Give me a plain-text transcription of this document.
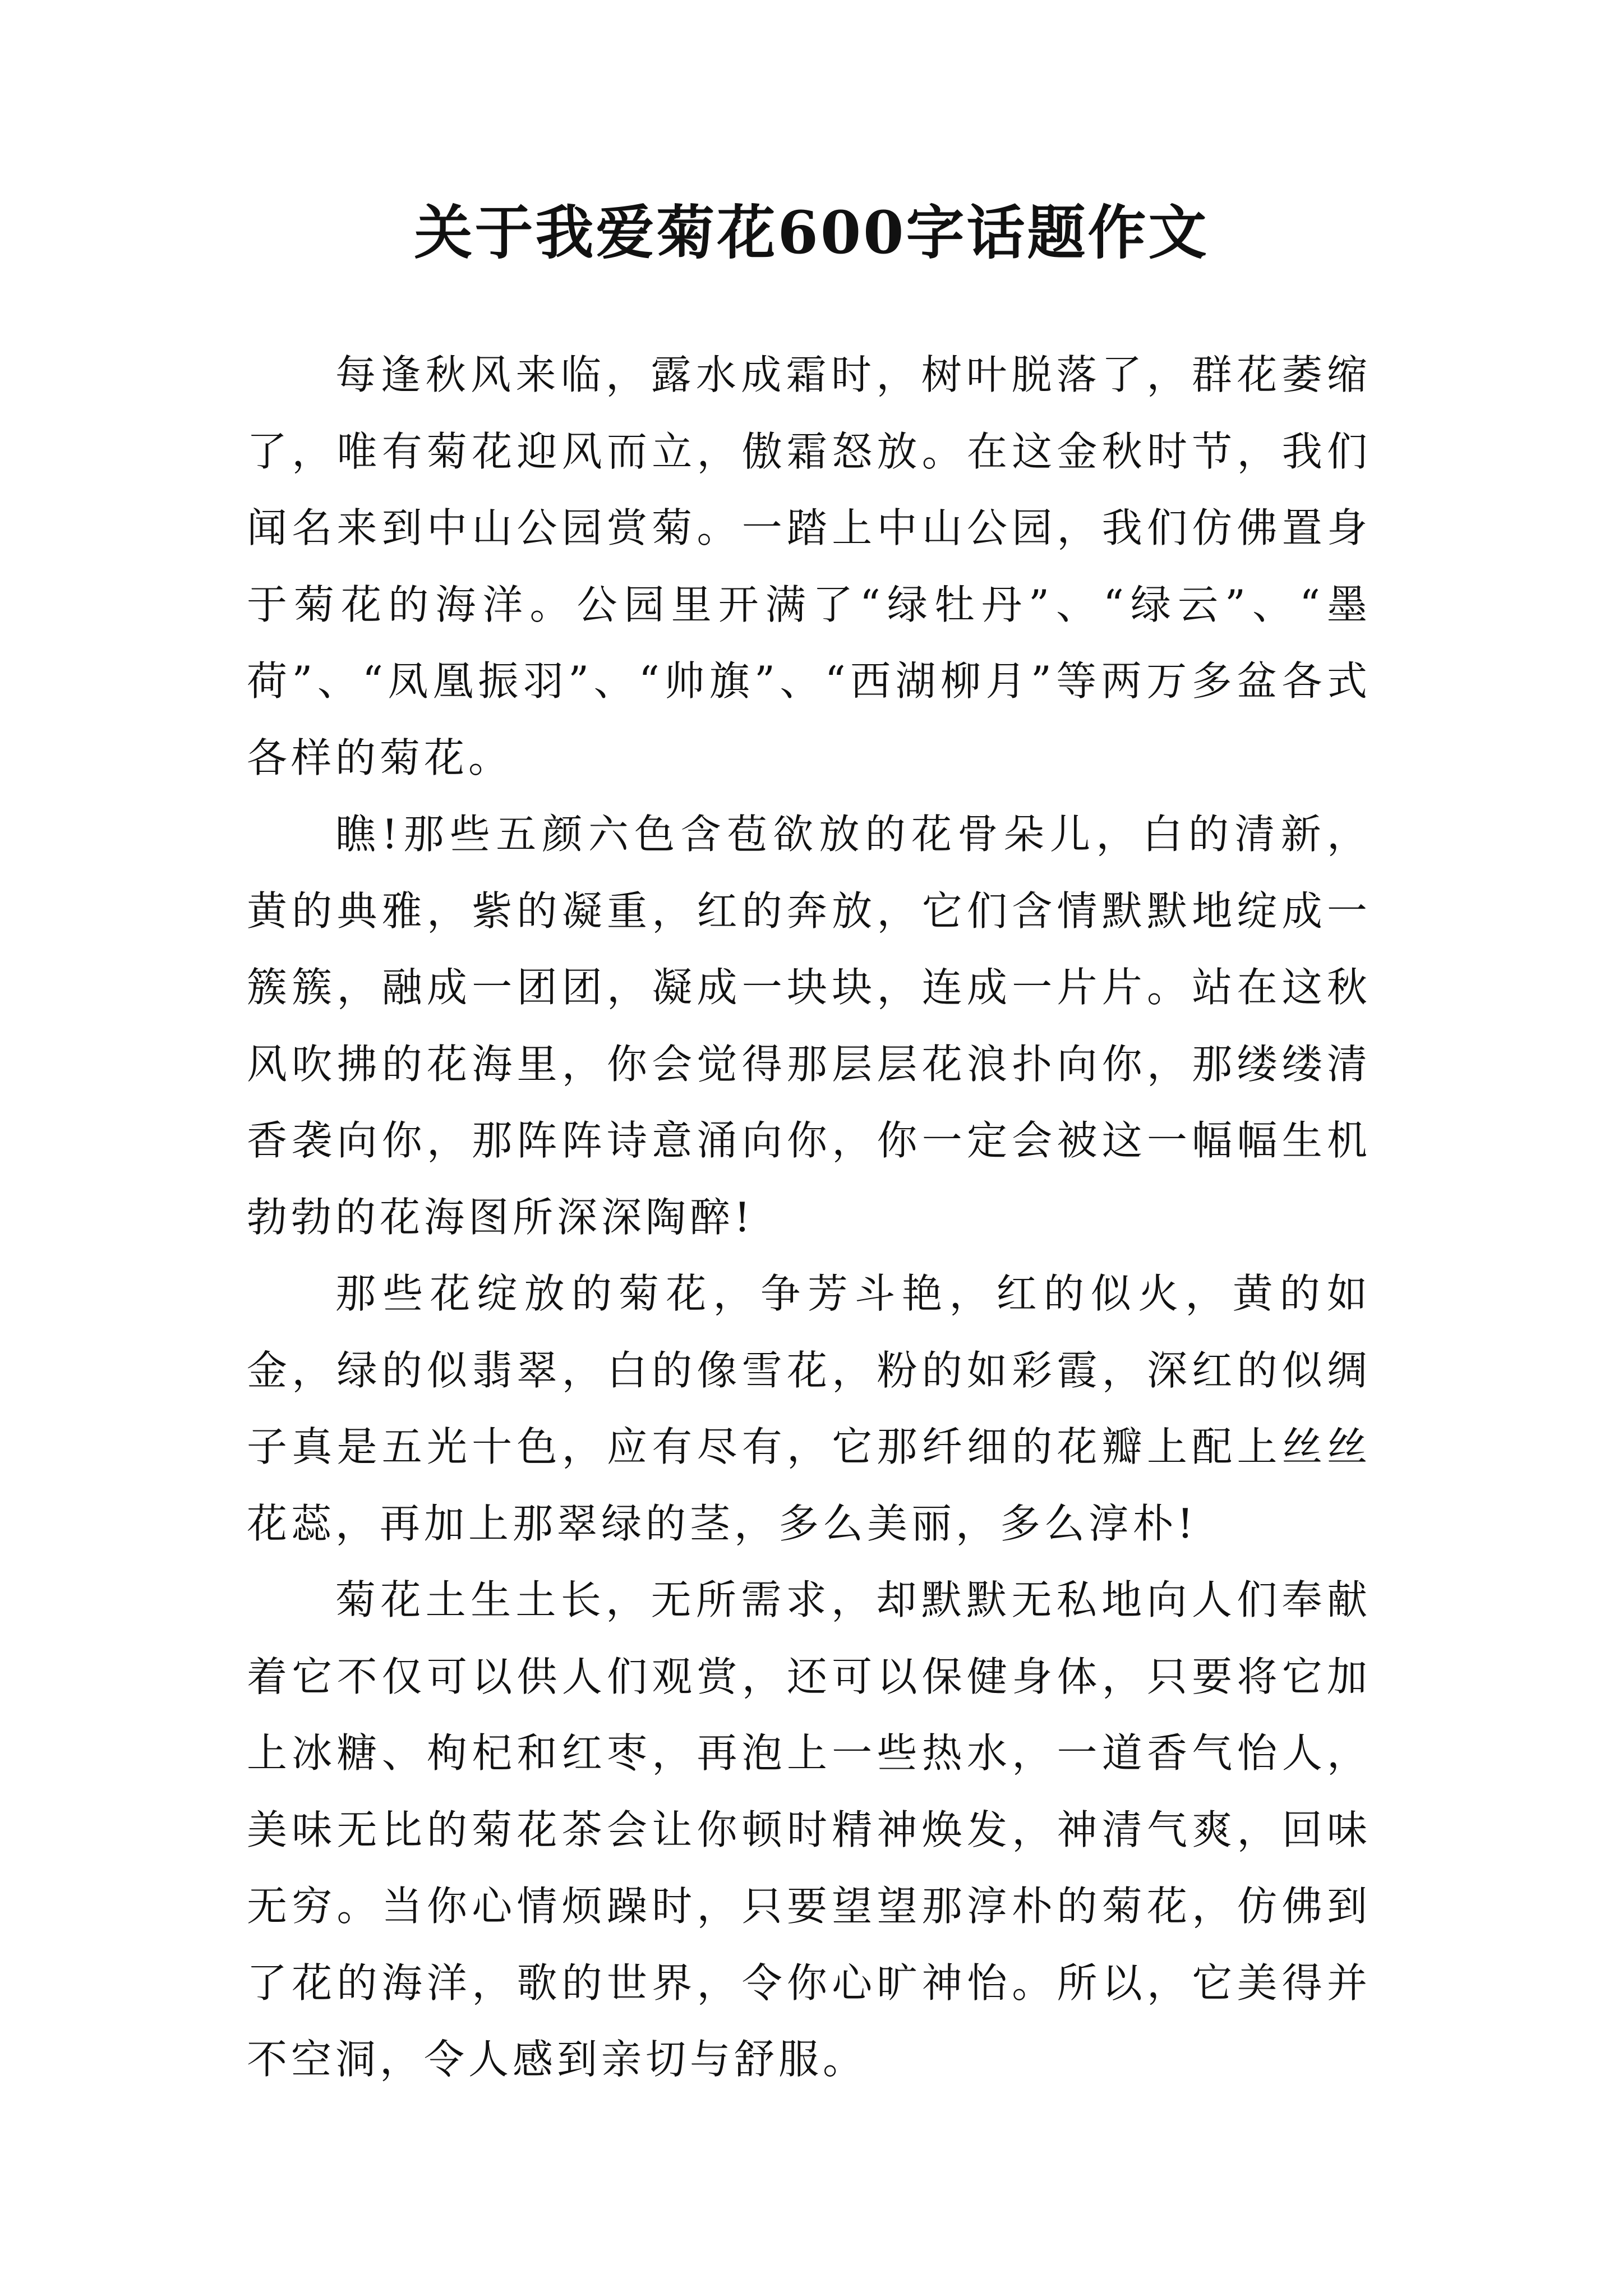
关于我爱菊花600字话题作文

每逢秋风来临，露水成霜时，树叶脱落了，群花萎缩了，唯有菊花迎风而立，傲霜怒放。在这金秋时节，我们闻名来到中山公园赏菊。一踏上中山公园，我们仿佛置身于菊花的海洋。公园里开满了“绿牡丹”、“绿云”、“墨荷”、“凤凰振羽”、“帅旗”、“西湖柳月”等两万多盆各式各样的菊花。

瞧!那些五颜六色含苞欲放的花骨朵儿，白的清新，黄的典雅，紫的凝重，红的奔放，它们含情默默地绽成一簇簇，融成一团团，凝成一块块，连成一片片。站在这秋风吹拂的花海里，你会觉得那层层花浪扑向你，那缕缕清香袭向你，那阵阵诗意涌向你，你一定会被这一幅幅生机勃勃的花海图所深深陶醉!

那些花绽放的菊花，争芳斗艳，红的似火，黄的如金，绿的似翡翠，白的像雪花，粉的如彩霞，深红的似绸子真是五光十色，应有尽有，它那纤细的花瓣上配上丝丝花蕊，再加上那翠绿的茎，多么美丽，多么淳朴!

菊花土生土长，无所需求，却默默无私地向人们奉献着它不仅可以供人们观赏，还可以保健身体，只要将它加上冰糖、枸杞和红枣，再泡上一些热水，一道香气怡人，美味无比的菊花茶会让你顿时精神焕发，神清气爽，回味无穷。当你心情烦躁时，只要望望那淳朴的菊花，仿佛到了花的海洋，歌的世界，令你心旷神怡。所以，它美得并不空洞，令人感到亲切与舒服。
